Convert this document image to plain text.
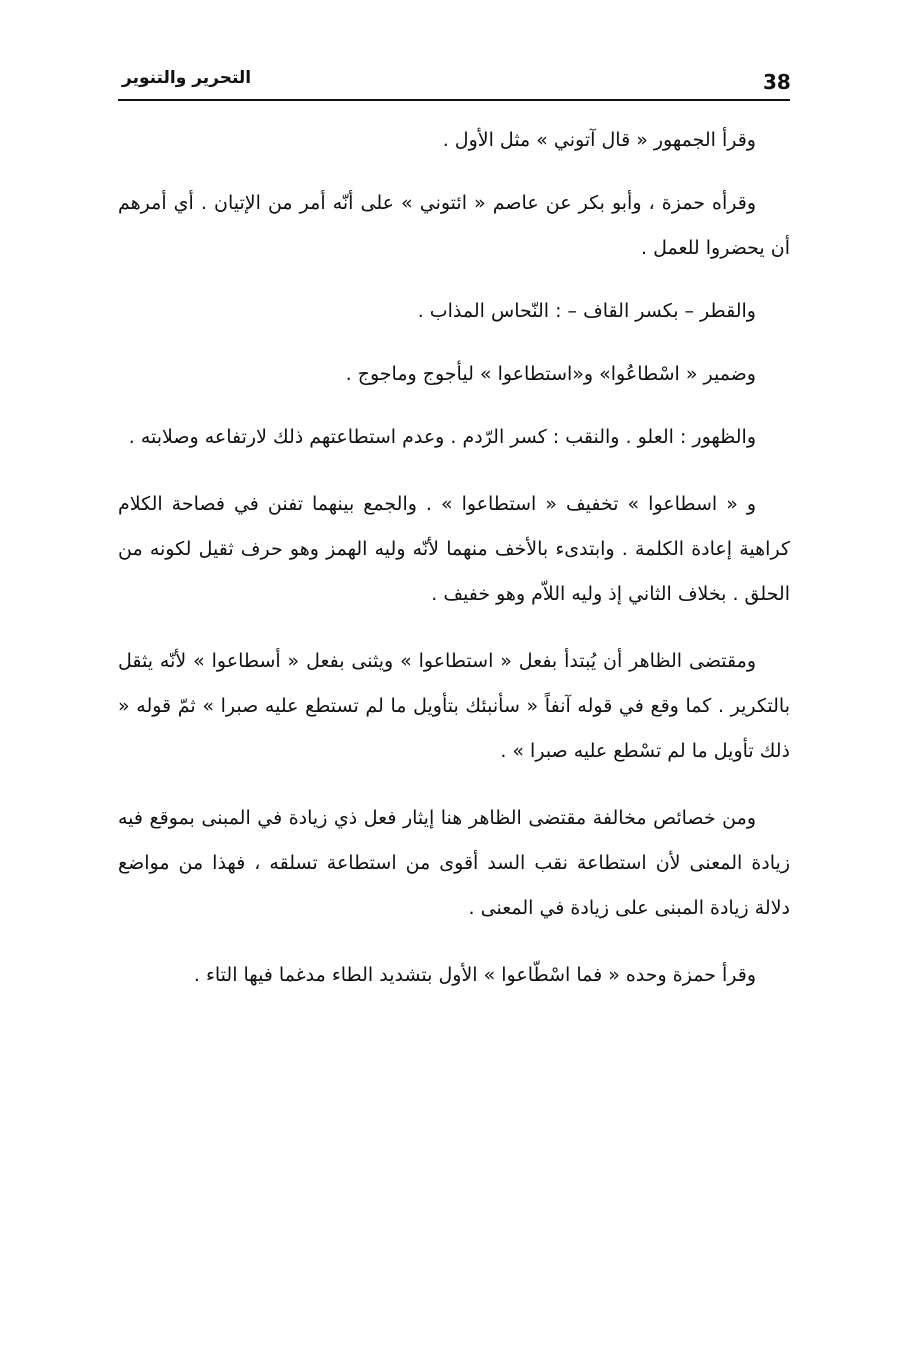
التحرير والتنوير	38

وقرأ الجمهور « قال آتوني » مثل الأول .

وقرأه حمزة ، وأبو بكر عن عاصم « ائتوني » على أنّه أمر من الإتيان . أي أمرهم أن يحضروا للعمل .

والقطر – بكسر القاف – : النّحاس المذاب .

وضمير « اسْطاعُوا» و«استطاعوا » ليأجوج وماجوج .

والظهور : العلو . والنقب : كسر الرّدم . وعدم استطاعتهم ذلك لارتفاعه وصلابته .

و « اسطاعوا » تخفيف « استطاعوا » . والجمع بينهما تفنن في فصاحة الكلام كراهية إعادة الكلمة . وابتدىء بالأخف منهما لأنّه وليه الهمز وهو حرف ثقيل لكونه من الحلق . بخلاف الثاني إذ وليه اللاّم وهو خفيف .

ومقتضى الظاهر أن يُبتدأ بفعل « استطاعوا » ويثنى بفعل « أسطاعوا » لأنّه يثقل بالتكرير . كما وقع في قوله آنفاً « سأنبئك بتأويل ما لم تستطع عليه صبرا » ثمّ قوله « ذلك تأويل ما لم تسْطع عليه صبرا » .

ومن خصائص مخالفة مقتضى الظاهر هنا إيثار فعل ذي زيادة في المبنى بموقع فيه زيادة المعنى لأن استطاعة نقب السد أقوى من استطاعة تسلقه ، فهذا من مواضع دلالة زيادة المبنى على زيادة في المعنى .

وقرأ حمزة وحده « فما اسْطّاعوا » الأول بتشديد الطاء مدغما فيها التاء .
